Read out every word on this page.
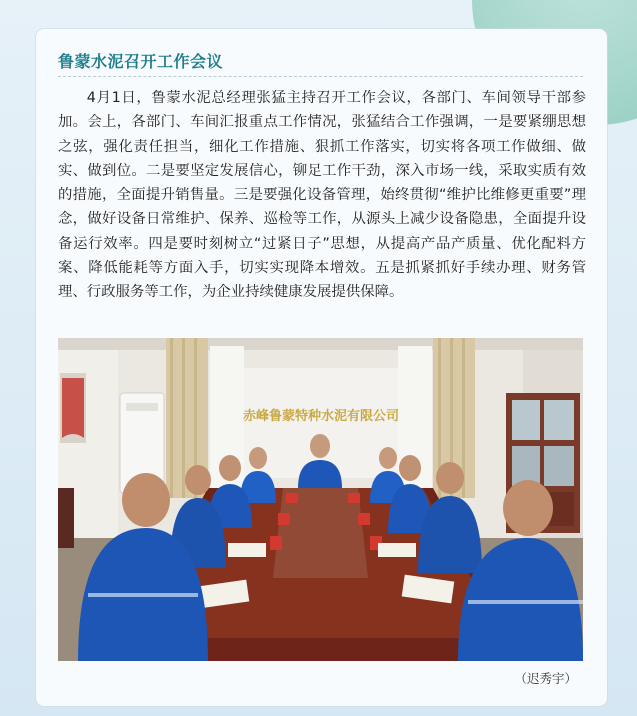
鲁蒙水泥召开工作会议
4月1日，鲁蒙水泥总经理张猛主持召开工作会议，各部门、车间领导干部参加。会上，各部门、车间汇报重点工作情况，张猛结合工作强调，一是要紧绷思想之弦，强化责任担当，细化工作措施、狠抓工作落实，切实将各项工作做细、做实、做到位。二是要坚定发展信心，铆足工作干劲，深入市场一线，采取实质有效的措施，全面提升销售量。三是要强化设备管理，始终贯彻“维护比维修更重要”理念，做好设备日常维护、保养、巡检等工作，从源头上减少设备隐患，全面提升设备运行效率。四是要时刻树立“过紧日子”思想，从提高产品产质量、优化配料方案、降低能耗等方面入手，切实实现降本增效。五是抓紧抓好手续办理、财务管理、行政服务等工作，为企业持续健康发展提供保障。
赤峰鲁蒙特种水泥有限公司
（迟秀宇）
